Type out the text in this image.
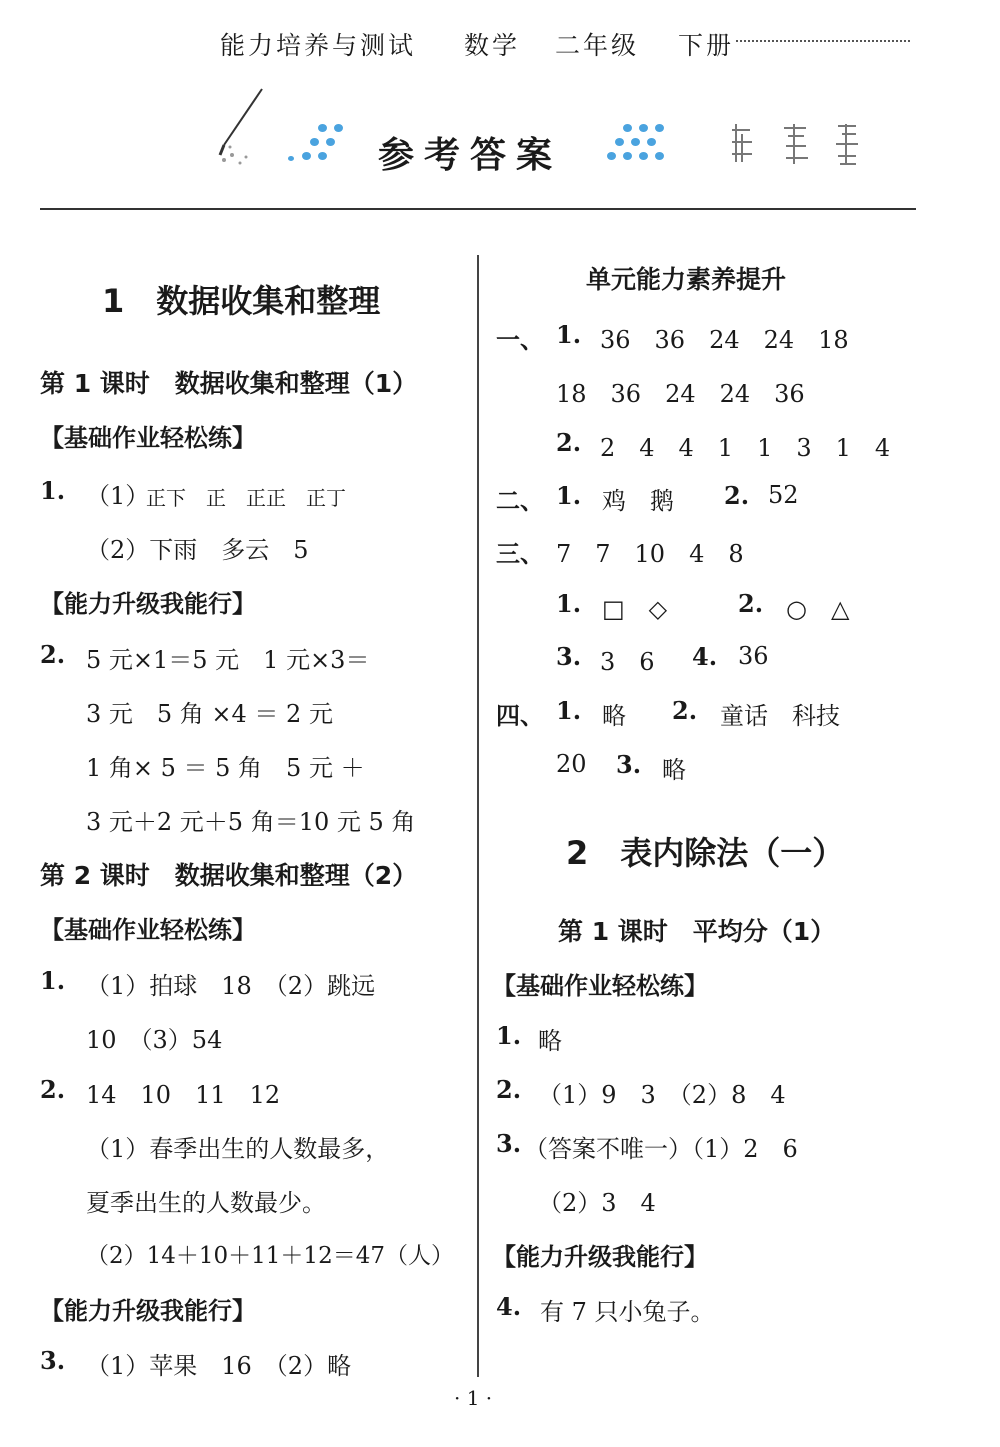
能力培养与测试 数学 二年级 下册
参考答案
1　数据收集和整理
第 1 课时　数据收集和整理（1）
【基础作业轻松练】
1. （1）
正下　正　正正　正丁
（2）下雨　多云　5
【能力升级我能行】
2. 5 元×1＝5 元　1 元×3＝
3 元　5 角 ×4 ＝ 2 元
1 角× 5 ＝ 5 角　5 元 ＋
3 元＋2 元＋5 角＝10 元 5 角
第 2 课时　数据收集和整理（2）
【基础作业轻松练】
1. （1）拍球　18　（2）跳远
10　（3）54
2. 14　10　11　12
（1）春季出生的人数最多，
夏季出生的人数最少。
（2）14＋10＋11＋12＝47（人）
【能力升级我能行】
3. （1）苹果　16　（2）略
单元能力素养提升
一、 1. 36　36　24　24　18
18　36　24　24　36
2. 2　4　4　1　1　3　1　4
二、 1. 鸡　鹅 2. 52
三、 7　7　10　4　8
1. □　◇	2. ○　△
3. 3　6 4. 36
四、 1. 略 2. 童话　科技
20 3. 略
2　表内除法（一）
第 1 课时　平均分（1）
【基础作业轻松练】
1. 略
2. （1）9　3　（2）8　4
3. （答案不唯一）（1）2　6
（2）3　4
【能力升级我能行】
4. 有 7 只小兔子。
· 1 ·
